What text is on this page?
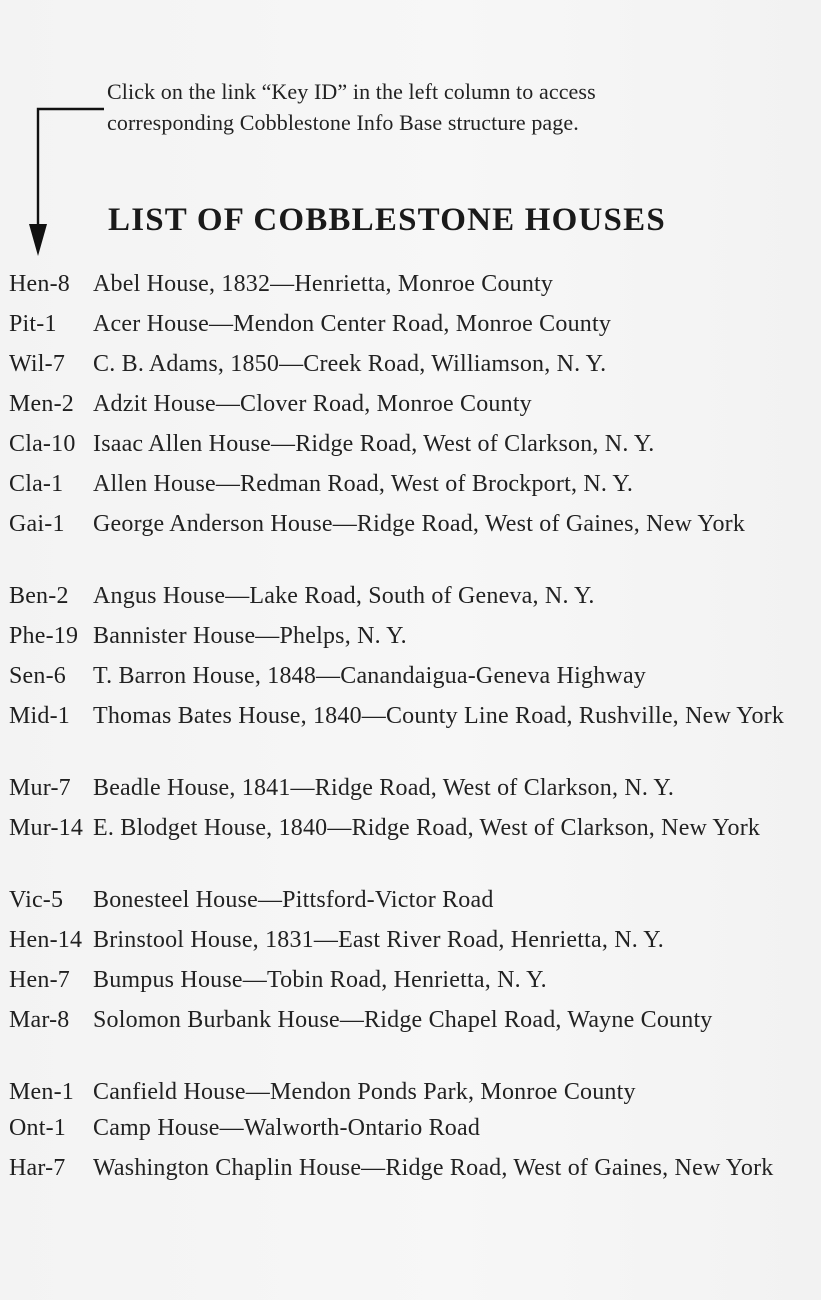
Click on the link “Key ID” in the left column to access
corresponding Cobblestone Info Base structure page.
LIST OF COBBLESTONE HOUSES
Hen-8 Abel House, 1832—Henrietta, Monroe County
Pit-1	Acer House—Mendon Center Road, Monroe County
Wil-7	C. B. Adams, 1850—Creek Road, Williamson, N. Y.
Men-2 Adzit House—Clover Road, Monroe County
Cla-10 Isaac Allen House—Ridge Road, West of Clarkson, N. Y.
Cla-1	Allen House—Redman Road, West of Brockport, N. Y.
Gai-1	George Anderson House—Ridge Road, West of Gaines, New York
Ben-2	Angus House—Lake Road, South of Geneva, N. Y.
Phe-19 Bannister House—Phelps, N. Y.
Sen-6	T. Barron House, 1848—Canandaigua-Geneva Highway
Mid-1 Thomas Bates House, 1840—County Line Road, Rushville, New York
Mur-7 Beadle House, 1841—Ridge Road, West of Clarkson, N. Y.
Mur-14 E. Blodget House, 1840—Ridge Road, West of Clarkson, New York
Vic-5	Bonesteel House—Pittsford-Victor Road
Hen-14 Brinstool House, 1831—East River Road, Henrietta, N. Y.
Hen-7 Bumpus House—Tobin Road, Henrietta, N. Y.
Mar-8 Solomon Burbank House—Ridge Chapel Road, Wayne County
Men-1 Canfield House—Mendon Ponds Park, Monroe County
Ont-1	Camp House—Walworth-Ontario Road
Har-7	Washington Chaplin House—Ridge Road, West of Gaines, New York
